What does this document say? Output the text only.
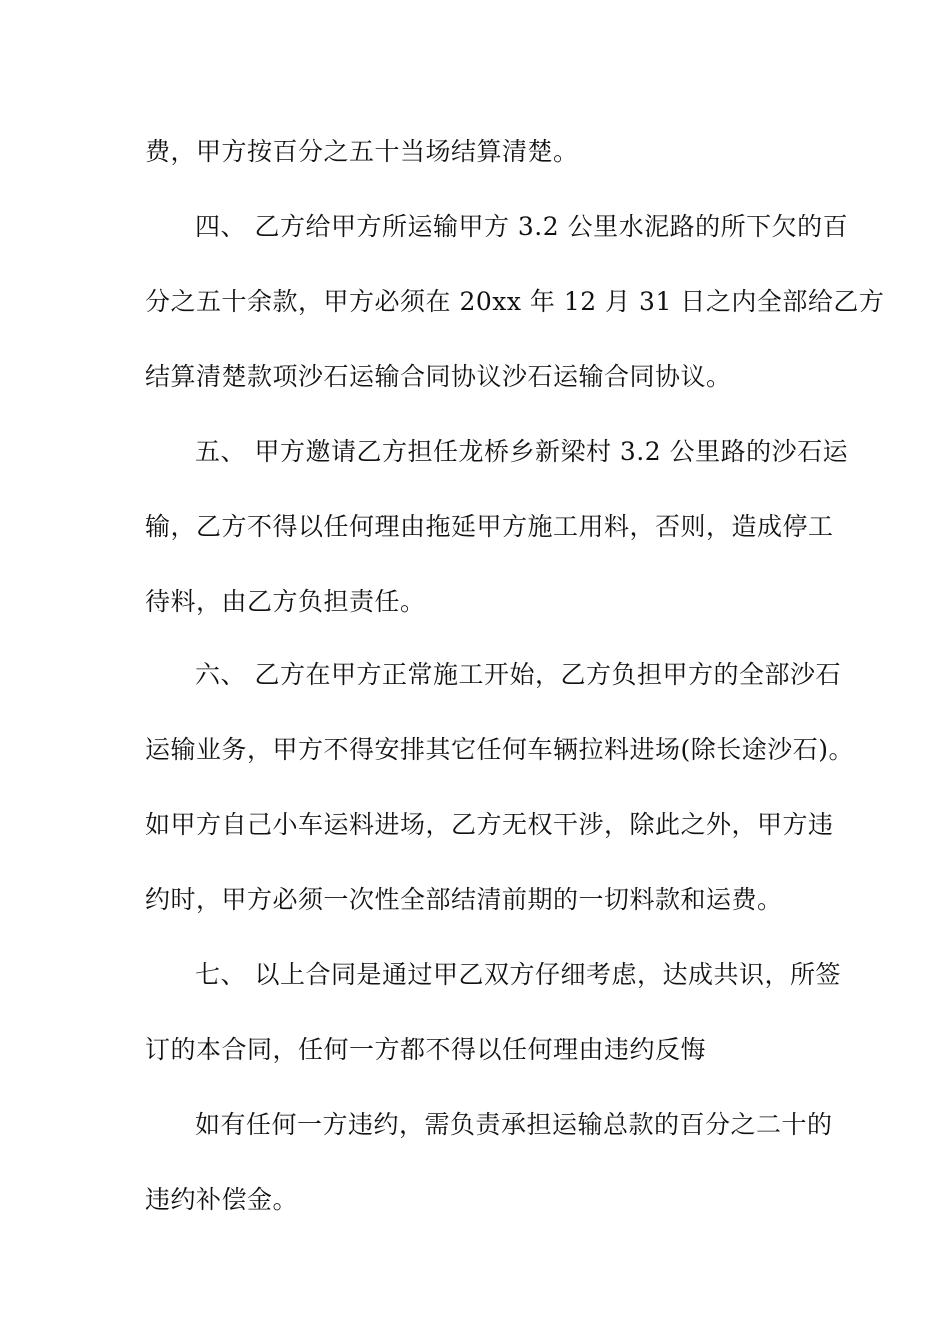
费，甲方按百分之五十当场结算清楚。
四、 乙方给甲方所运输甲方 3.2 公里水泥路的所下欠的百
分之五十余款，甲方必须在 20xx 年 12 月 31 日之内全部给乙方
结算清楚款项沙石运输合同协议沙石运输合同协议。
五、 甲方邀请乙方担任龙桥乡新梁村 3.2 公里路的沙石运
输，乙方不得以任何理由拖延甲方施工用料，否则，造成停工
待料，由乙方负担责任。
六、 乙方在甲方正常施工开始，乙方负担甲方的全部沙石
运输业务，甲方不得安排其它任何车辆拉料进场(除长途沙石)。
如甲方自己小车运料进场，乙方无权干涉，除此之外，甲方违
约时，甲方必须一次性全部结清前期的一切料款和运费。
七、 以上合同是通过甲乙双方仔细考虑，达成共识，所签
订的本合同，任何一方都不得以任何理由违约反悔
如有任何一方违约，需负责承担运输总款的百分之二十的
违约补偿金。
